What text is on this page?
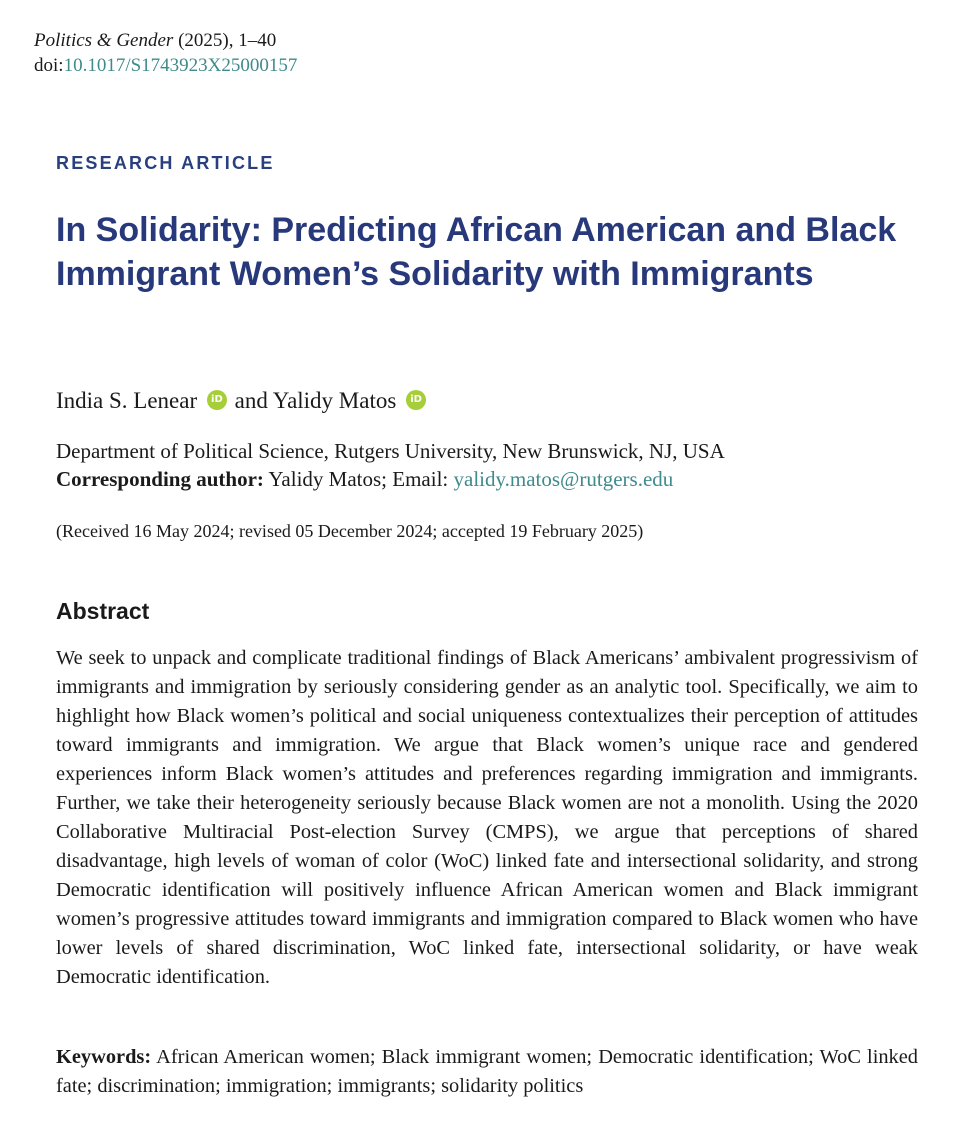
Politics & Gender (2025), 1–40
doi:10.1017/S1743923X25000157
RESEARCH ARTICLE
In Solidarity: Predicting African American and Black Immigrant Women’s Solidarity with Immigrants
India S. Lenear iD and Yalidy Matos iD
Department of Political Science, Rutgers University, New Brunswick, NJ, USA
Corresponding author: Yalidy Matos; Email: yalidy.matos@rutgers.edu
(Received 16 May 2024; revised 05 December 2024; accepted 19 February 2025)
Abstract

We seek to unpack and complicate traditional findings of Black Americans’ ambivalent progressivism of immigrants and immigration by seriously considering gender as an analytic tool. Specifically, we aim to highlight how Black women’s political and social uniqueness contextualizes their perception of attitudes toward immigrants and immigration. We argue that Black women’s unique race and gendered experiences inform Black women’s attitudes and preferences regarding immigration and immigrants. Further, we take their heterogeneity seriously because Black women are not a monolith. Using the 2020 Collaborative Multiracial Post-election Survey (CMPS), we argue that perceptions of shared disadvantage, high levels of woman of color (WoC) linked fate and intersectional solidarity, and strong Democratic identification will positively influence African American women and Black immigrant women’s progressive attitudes toward immigrants and immigration compared to Black women who have lower levels of shared discrimination, WoC linked fate, intersectional solidarity, or have weak Democratic identification.

Keywords: African American women; Black immigrant women; Democratic identification; WoC linked fate; discrimination; immigration; immigrants; solidarity politics
